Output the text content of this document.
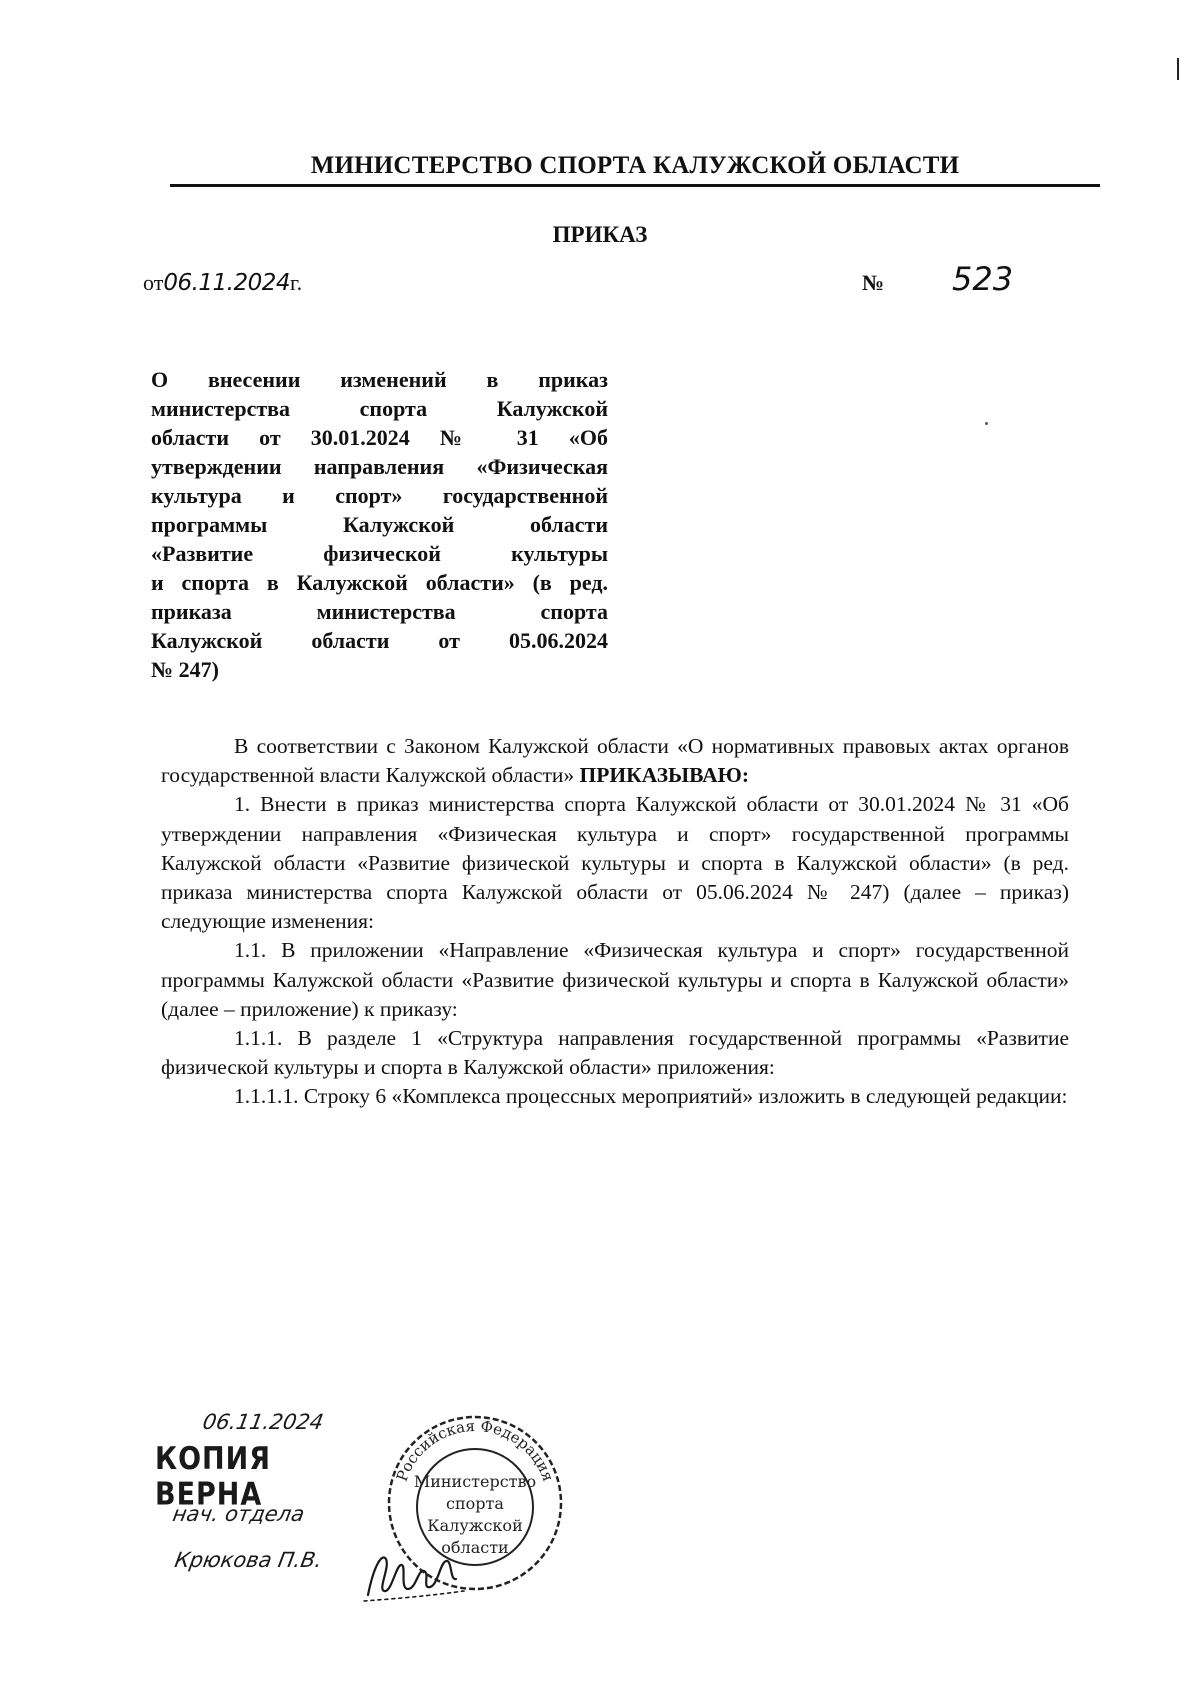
МИНИСТЕРСТВО СПОРТА КАЛУЖСКОЙ ОБЛАСТИ
ПРИКАЗ
от06.11.2024г.	№ 523
О внесении изменений в приказ
министерства спорта Калужской
области от 30.01.2024 № 31 «Об
утверждении направления «Физическая
культура и спорт» государственной
программы Калужской области
«Развитие физической культуры
и спорта в Калужской области» (в ред.
приказа министерства спорта
Калужской области от 05.06.2024
№ 247)

В соответствии с Законом Калужской области «О нормативных правовых актах органов государственной власти Калужской области» ПРИКАЗЫВАЮ:

1. Внести в приказ министерства спорта Калужской области от 30.01.2024 № 31 «Об утверждении направления «Физическая культура и спорт» государственной программы Калужской области «Развитие физической культуры и спорта в Калужской области» (в ред. приказа министерства спорта Калужской области от 05.06.2024 № 247) (далее – приказ) следующие изменения:

1.1. В приложении «Направление «Физическая культура и спорт» государственной программы Калужской области «Развитие физической культуры и спорта в Калужской области» (далее – приложение) к приказу:

1.1.1. В разделе 1 «Структура направления государственной программы «Развитие физической культуры и спорта в Калужской области» приложения:

1.1.1.1. Строку 6 «Комплекса процессных мероприятий» изложить в следующей редакции:

06.11.2024
КОПИЯ ВЕРНА
нач. отдела
Крюкова П.В.
Российская Федерация
Министерство
спорта
Калужской
области
